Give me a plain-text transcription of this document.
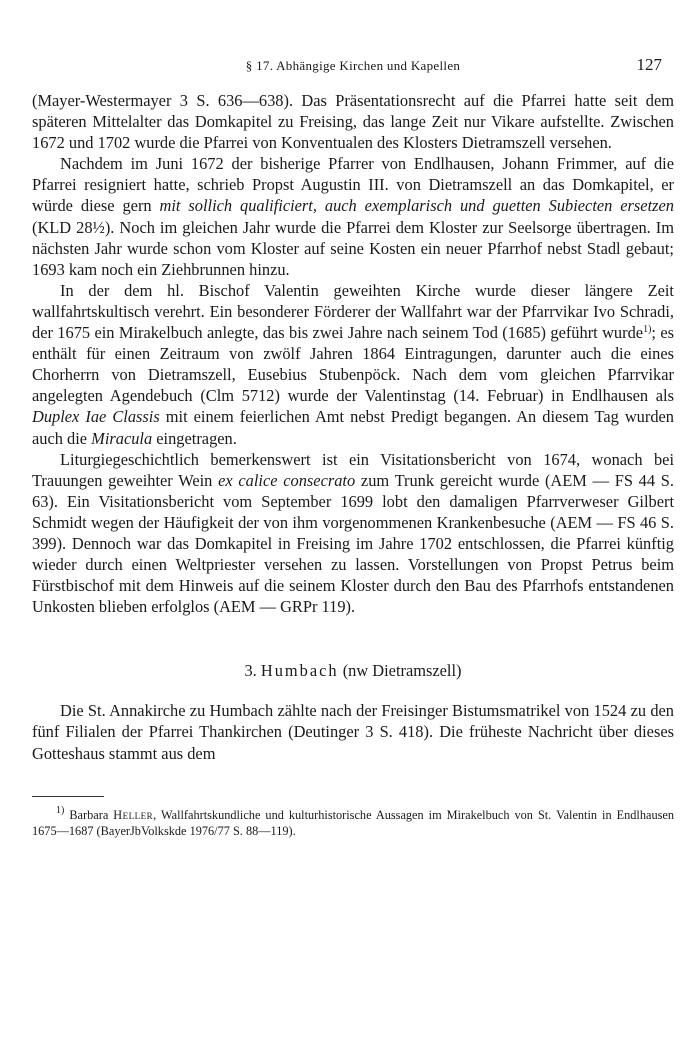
§ 17. Abhängige Kirchen und Kapellen	127

(Mayer-Westermayer 3 S. 636—638). Das Präsentationsrecht auf die Pfarrei hatte seit dem späteren Mittelalter das Domkapitel zu Freising, das lange Zeit nur Vikare aufstellte. Zwischen 1672 und 1702 wurde die Pfarrei von Konventualen des Klosters Dietramszell versehen.

Nachdem im Juni 1672 der bisherige Pfarrer von Endlhausen, Johann Frimmer, auf die Pfarrei resigniert hatte, schrieb Propst Augustin III. von Dietramszell an das Domkapitel, er würde diese gern mit sollich qualificiert, auch exemplarisch und guetten Subiecten ersetzen (KLD 28½). Noch im gleichen Jahr wurde die Pfarrei dem Kloster zur Seelsorge übertragen. Im nächsten Jahr wurde schon vom Kloster auf seine Kosten ein neuer Pfarrhof nebst Stadl gebaut; 1693 kam noch ein Ziehbrunnen hinzu.

In der dem hl. Bischof Valentin geweihten Kirche wurde dieser längere Zeit wallfahrtskultisch verehrt. Ein besonderer Förderer der Wallfahrt war der Pfarrvikar Ivo Schradi, der 1675 ein Mirakelbuch anlegte, das bis zwei Jahre nach seinem Tod (1685) geführt wurde$^{1)}$; es enthält für einen Zeitraum von zwölf Jahren 1864 Eintragungen, darunter auch die eines Chorherrn von Dietramszell, Eusebius Stubenpöck. Nach dem vom gleichen Pfarrvikar angelegten Agendebuch (Clm 5712) wurde der Valentinstag (14. Februar) in Endlhausen als Duplex Iae Classis mit einem feierlichen Amt nebst Predigt begangen. An diesem Tag wurden auch die Miracula eingetragen.

Liturgiegeschichtlich bemerkenswert ist ein Visitationsbericht von 1674, wonach bei Trauungen geweihter Wein ex calice consecrato zum Trunk gereicht wurde (AEM — FS 44 S. 63). Ein Visitationsbericht vom September 1699 lobt den damaligen Pfarrverweser Gilbert Schmidt wegen der Häufigkeit der von ihm vorgenommenen Krankenbesuche (AEM — FS 46 S. 399). Dennoch war das Domkapitel in Freising im Jahre 1702 entschlossen, die Pfarrei künftig wieder durch einen Weltpriester versehen zu lassen. Vorstellungen von Propst Petrus beim Fürstbischof mit dem Hinweis auf die seinem Kloster durch den Bau des Pfarrhofs entstandenen Unkosten blieben erfolglos (AEM — GRPr 119).

3. Humbach (nw Dietramszell)

Die St. Annakirche zu Humbach zählte nach der Freisinger Bistumsmatrikel von 1524 zu den fünf Filialen der Pfarrei Thankirchen (Deutinger 3 S. 418). Die früheste Nachricht über dieses Gotteshaus stammt aus dem

$^{1)}$ Barbara Heller, Wallfahrtskundliche und kulturhistorische Aussagen im Mirakelbuch von St. Valentin in Endlhausen 1675—1687 (BayerJbVolkskde 1976/77 S. 88—119).
